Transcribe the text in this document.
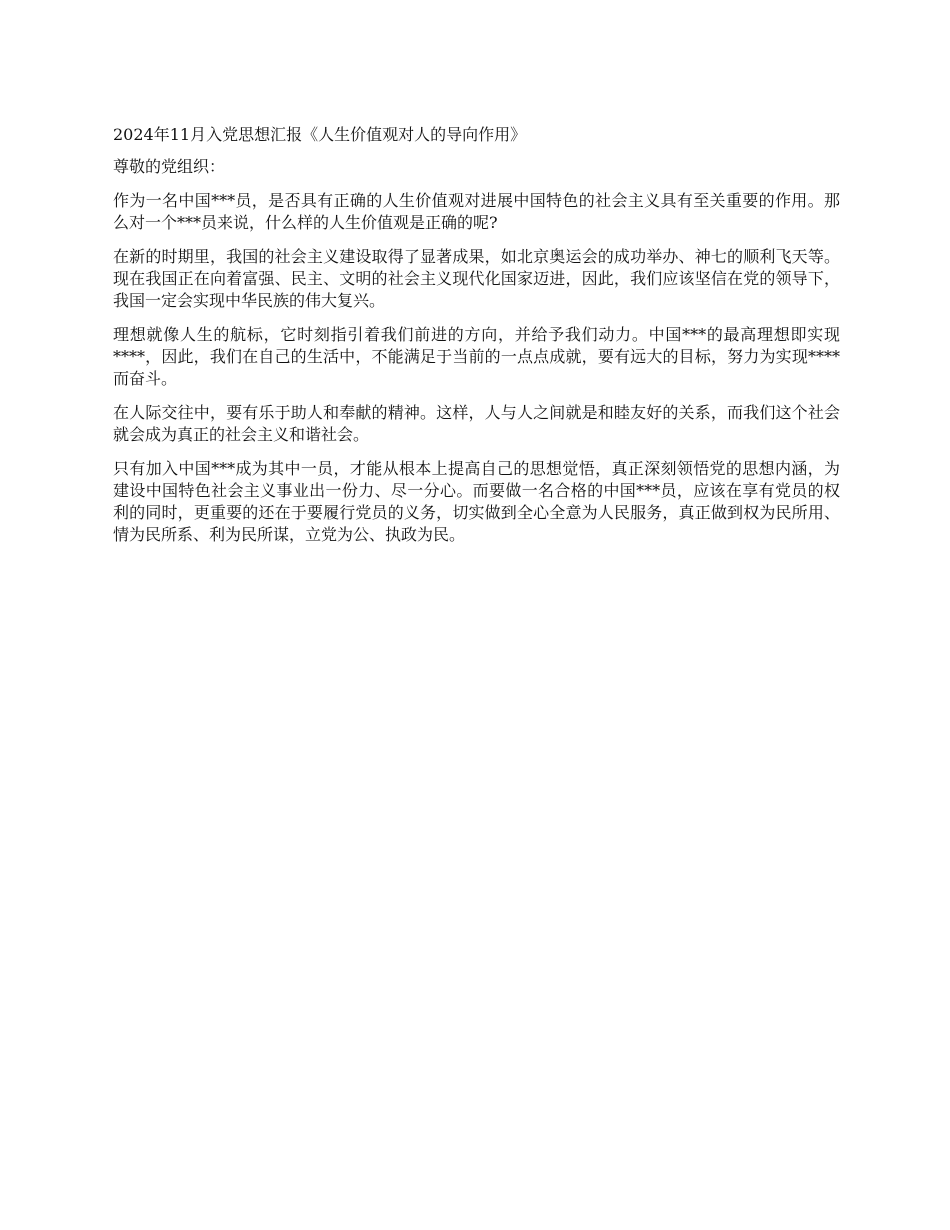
2024年11月入党思想汇报《人生价值观对人的导向作用》

尊敬的党组织：

作为一名中国***员，是否具有正确的人生价值观对进展中国特色的社会主义具有至关重要的作用。那么对一个***员来说，什么样的人生价值观是正确的呢?

在新的时期里，我国的社会主义建设取得了显著成果，如北京奥运会的成功举办、神七的顺利飞天等。现在我国正在向着富强、民主、文明的社会主义现代化国家迈进，因此，我们应该坚信在党的领导下，我国一定会实现中华民族的伟大复兴。

理想就像人生的航标，它时刻指引着我们前进的方向，并给予我们动力。中国***的最高理想即实现****，因此，我们在自己的生活中，不能满足于当前的一点点成就，要有远大的目标，努力为实现****而奋斗。

在人际交往中，要有乐于助人和奉献的精神。这样，人与人之间就是和睦友好的关系，而我们这个社会就会成为真正的社会主义和谐社会。

只有加入中国***成为其中一员，才能从根本上提高自己的思想觉悟，真正深刻领悟党的思想内涵，为建设中国特色社会主义事业出一份力、尽一分心。而要做一名合格的中国***员，应该在享有党员的权利的同时，更重要的还在于要履行党员的义务，切实做到全心全意为人民服务，真正做到权为民所用、情为民所系、利为民所谋，立党为公、执政为民。
